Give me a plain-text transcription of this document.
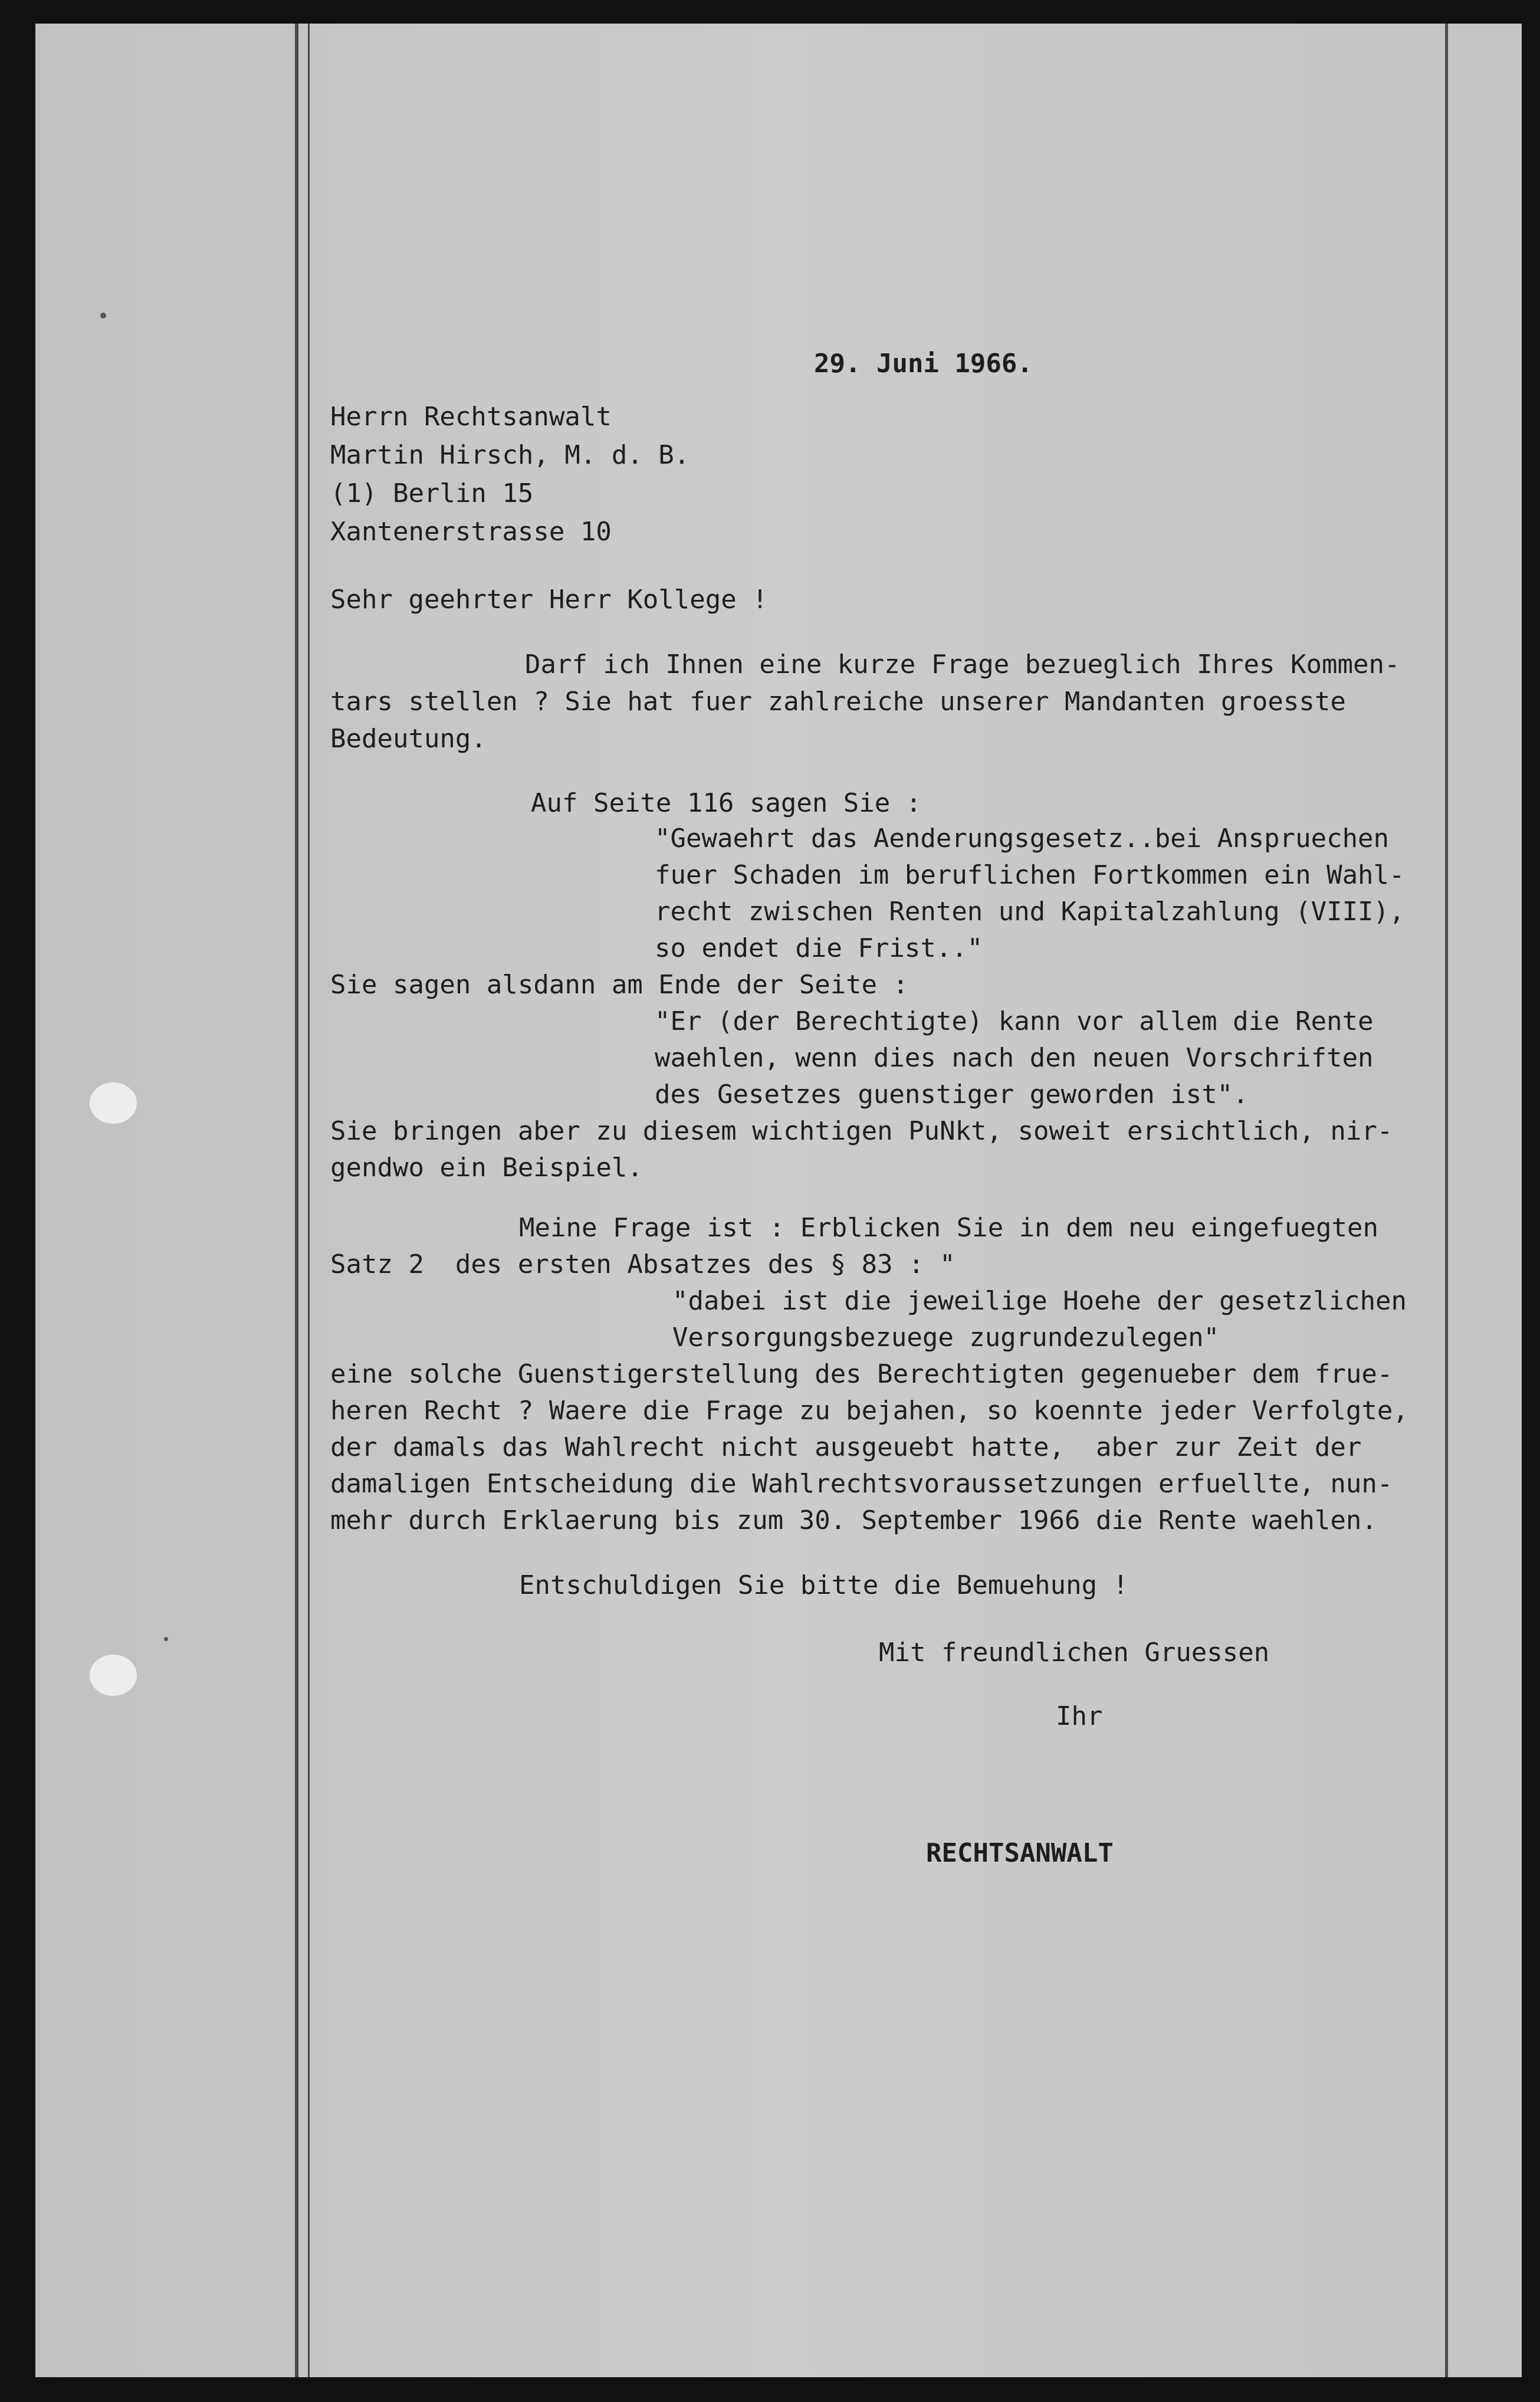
29. Juni 1966.
Herrn Rechtsanwalt
Martin Hirsch, M. d. B.
(1) Berlin 15
Xantenerstrasse 10
Sehr geehrter Herr Kollege !
Darf ich Ihnen eine kurze Frage bezueglich Ihres Kommen-
tars stellen ? Sie hat fuer zahlreiche unserer Mandanten groesste
Bedeutung.
Auf Seite 116 sagen Sie :
"Gewaehrt das Aenderungsgesetz..bei Anspruechen
fuer Schaden im beruflichen Fortkommen ein Wahl-
recht zwischen Renten und Kapitalzahlung (VIII),
so endet die Frist.."
Sie sagen alsdann am Ende der Seite :
"Er (der Berechtigte) kann vor allem die Rente
waehlen, wenn dies nach den neuen Vorschriften
des Gesetzes guenstiger geworden ist".
Sie bringen aber zu diesem wichtigen PuNkt, soweit ersichtlich, nir-
gendwo ein Beispiel.
Meine Frage ist : Erblicken Sie in dem neu eingefuegten
Satz 2  des ersten Absatzes des § 83 : "
"dabei ist die jeweilige Hoehe der gesetzlichen
Versorgungsbezuege zugrundezulegen"
eine solche Guenstigerstellung des Berechtigten gegenueber dem frue-
heren Recht ? Waere die Frage zu bejahen, so koennte jeder Verfolgte,
der damals das Wahlrecht nicht ausgeuebt hatte,  aber zur Zeit der
damaligen Entscheidung die Wahlrechtsvoraussetzungen erfuellte, nun-
mehr durch Erklaerung bis zum 30. September 1966 die Rente waehlen.
Entschuldigen Sie bitte die Bemuehung !
Mit freundlichen Gruessen
Ihr
RECHTSANWALT
